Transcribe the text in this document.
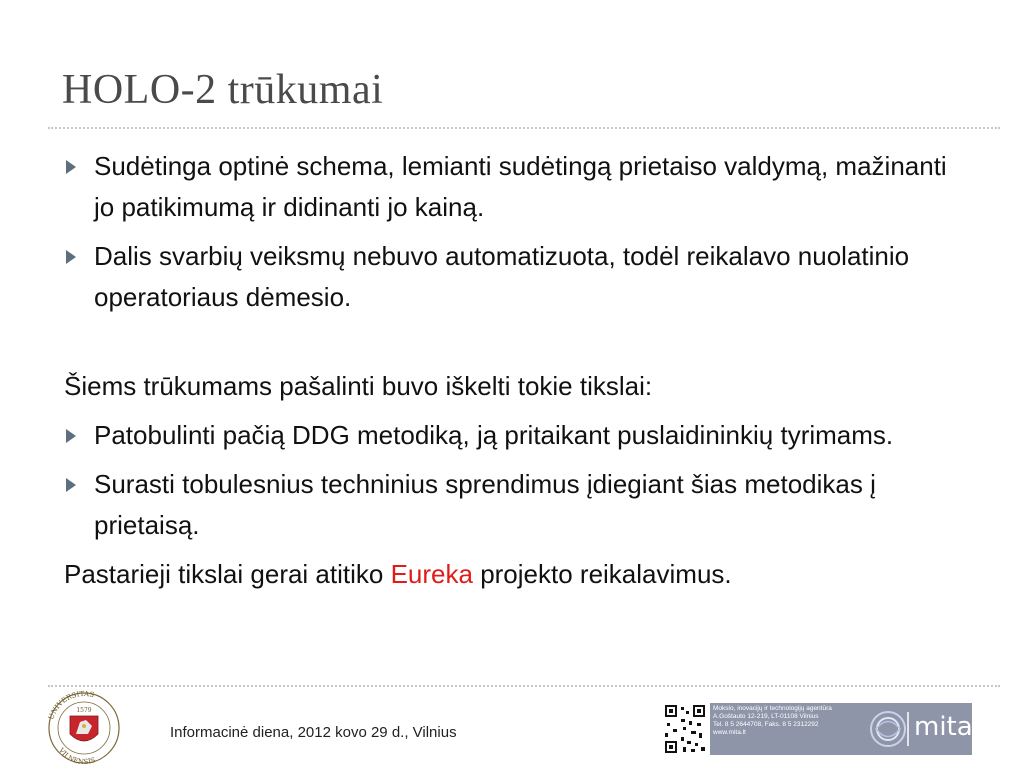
HOLO-2 trūkumai
Sudėtinga optinė schema, lemianti sudėtingą prietaiso valdymą, mažinanti jo patikimumą ir didinanti jo kainą.
Dalis svarbių veiksmų nebuvo automatizuota, todėl reikalavo nuolatinio operatoriaus dėmesio.

Šiems trūkumams pašalinti buvo iškelti tokie tikslai:

Patobulinti pačią DDG metodiką, ją pritaikant puslaidininkių tyrimams.
Surasti tobulesnius techninius sprendimus įdiegiant šias metodikas į prietaisą.

Pastarieji tikslai gerai atitiko Eureka projekto reikalavimus.

UNIVERSITAS
VILNENSIS
1579
Informacinė diena, 2012 kovo 29 d., Vilnius
Mokslo, inovacijų ir technologijų agentūra
A.Goštauto 12-219, LT-01108 Vilnius
Tel. 8 5 2644708, Faks. 8 5 2312292
www.mita.lt	mita
